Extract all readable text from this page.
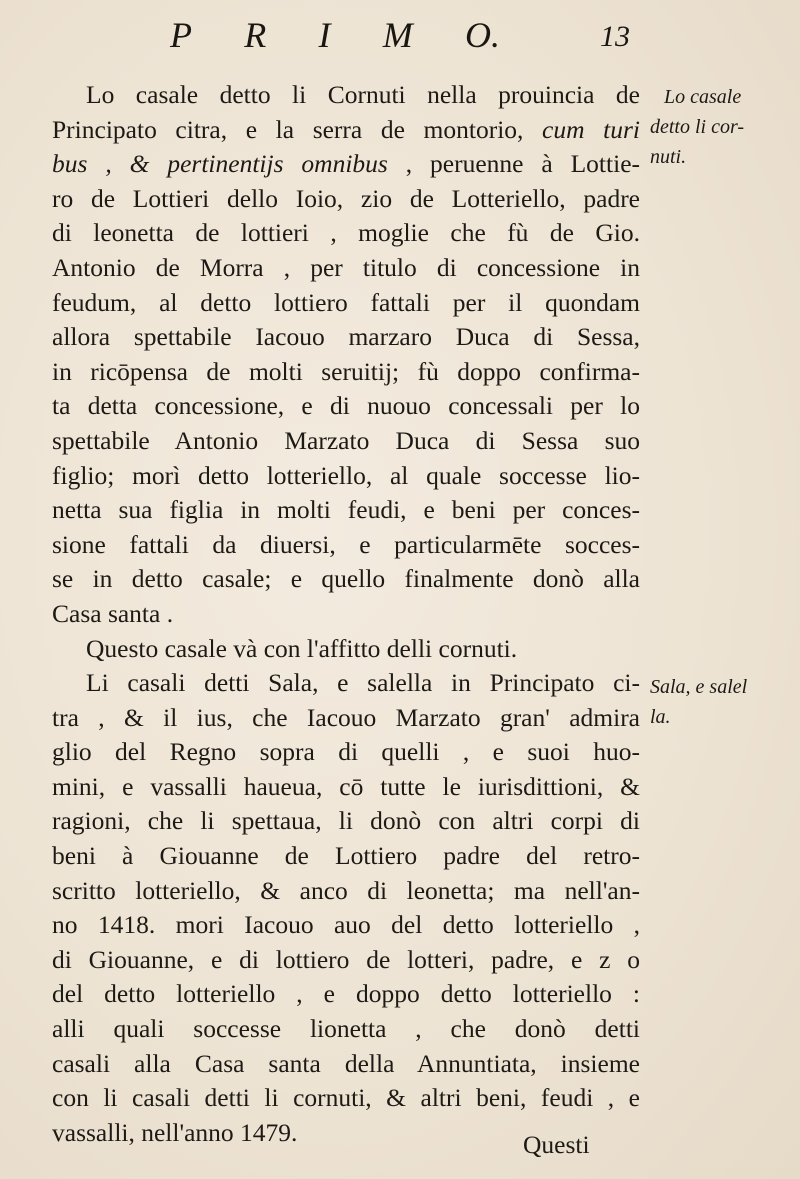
P R I M O.	13
Lo casale detto li Cornuti nella prouincia de
Principato citra, e la serra de montorio, cum turi
bus , & pertinentijs omnibus , peruenne à Lottie-
ro de Lottieri dello Ioio, zio de Lotteriello, padre
di leonetta de lottieri , moglie che fù de Gio.
Antonio de Morra , per titulo di concessione in
feudum, al detto lottiero fattali per il quondam
allora spettabile Iacouo marzaro Duca di Sessa,
in ricōpensa de molti seruitij; fù doppo confirma-
ta detta concessione, e di nuouo concessali per lo
spettabile Antonio Marzato Duca di Sessa suo
figlio; morì detto lotteriello, al quale soccesse lio-
netta sua figlia in molti feudi, e beni per conces-
sione fattali da diuersi, e particularmēte socces-
se in detto casale; e quello finalmente donò alla
Casa santa .
Questo casale và con l'affitto delli cornuti.
Li casali detti Sala, e salella in Principato ci-
tra , & il ius, che Iacouo Marzato gran' admira
glio del Regno sopra di quelli , e suoi huo-
mini, e vassalli haueua, cō tutte le iurisdittioni, &
ragioni, che li spettaua, li donò con altri corpi di
beni à Giouanne de Lottiero padre del retro-
scritto lotteriello, & anco di leonetta; ma nell'an-
no 1418. mori Iacouo auo del detto lotteriello ,
di Giouanne, e di lottiero de lotteri, padre, e z o
del detto lotteriello , e doppo detto lotteriello :
alli quali soccesse lionetta , che donò detti
casali alla Casa santa della Annuntiata, insieme
con li casali detti li cornuti, & altri beni, feudi , e
vassalli, nell'anno 1479.	Questi
Lo casale
detto li cor-
nuti.
Sala, e salel
la.
